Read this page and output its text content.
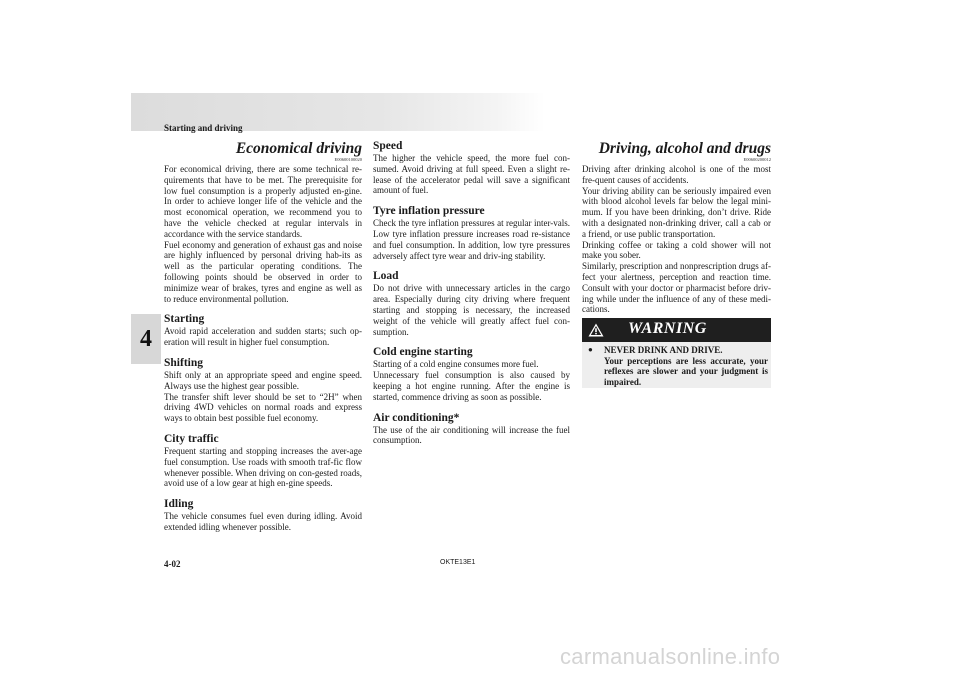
Starting and driving
4
Economical driving
E00600100020

For economical driving, there are some technical re-quirements that have to be met. The prerequisite for low fuel consumption is a properly adjusted en-gine. In order to achieve longer life of the vehicle and the most economical operation, we recommend you to have the vehicle checked at regular intervals in accordance with the service standards.

Fuel economy and generation of exhaust gas and noise are highly influenced by personal driving hab-its as well as the particular operating conditions. The following points should be observed in order to minimize wear of brakes, tyres and engine as well as to reduce environmental pollution.

Starting

Avoid rapid acceleration and sudden starts; such op-eration will result in higher fuel consumption.

Shifting

Shift only at an appropriate speed and engine speed. Always use the highest gear possible.

The transfer shift lever should be set to “2H” when driving 4WD vehicles on normal roads and express ways to obtain best possible fuel economy.

City traffic

Frequent starting and stopping increases the aver-age fuel consumption. Use roads with smooth traf-fic flow whenever possible. When driving on con-gested roads, avoid use of a low gear at high en-gine speeds.

Idling

The vehicle consumes fuel even during idling. Avoid extended idling whenever possible.

Speed

The higher the vehicle speed, the more fuel con-sumed. Avoid driving at full speed. Even a slight re-lease of the accelerator pedal will save a significant amount of fuel.

Tyre inflation pressure

Check the tyre inflation pressures at regular inter-vals. Low tyre inflation pressure increases road re-sistance and fuel consumption. In addition, low tyre pressures adversely affect tyre wear and driv-ing stability.

Load

Do not drive with unnecessary articles in the cargo area. Especially during city driving where frequent starting and stopping is necessary, the increased weight of the vehicle will greatly affect fuel con-sumption.

Cold engine starting

Starting of a cold engine consumes more fuel.

Unnecessary fuel consumption is also caused by keeping a hot engine running. After the engine is started, commence driving as soon as possible.

Air conditioning*

The use of the air conditioning will increase the fuel consumption.

Driving, alcohol and drugs
E00600200012

Driving after drinking alcohol is one of the most fre-quent causes of accidents.

Your driving ability can be seriously impaired even with blood alcohol levels far below the legal mini-mum. If you have been drinking, don’t drive. Ride with a designated non-drinking driver, call a cab or a friend, or use public transportation.

Drinking coffee or taking a cold shower will not make you sober.

Similarly, prescription and nonprescription drugs af-fect your alertness, perception and reaction time. Consult with your doctor or pharmacist before driv-ing while under the influence of any of these medi-cations.

WARNING
● NEVER DRINK AND DRIVE.
Your perceptions are less accurate, your reflexes are slower and your judgment is impaired.
4-02	OKTE13E1
carmanualsonline.info
